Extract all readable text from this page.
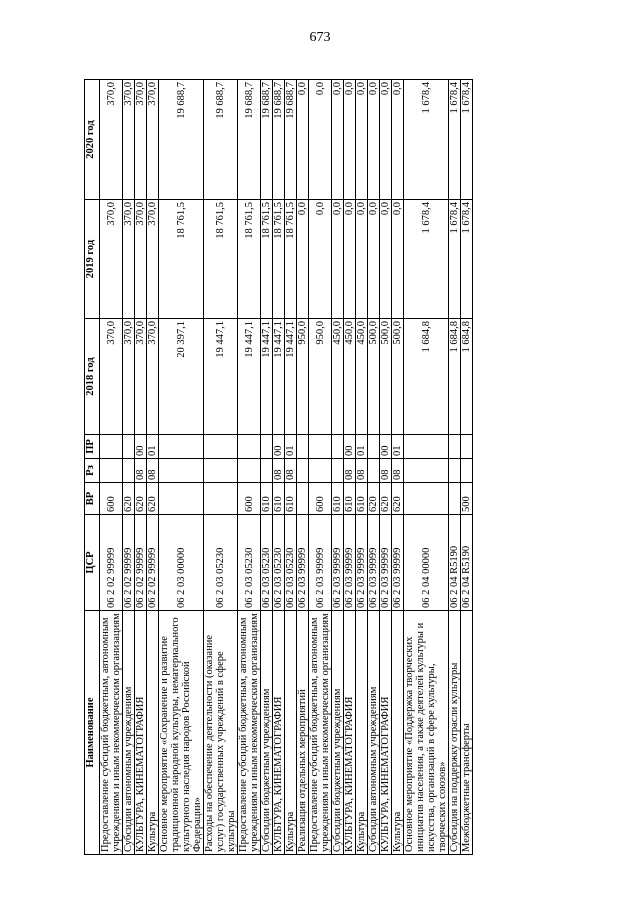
673
Наименование	ЦСР	ВР	Рз	ПР	2018 год	2019 год	2020 год
Предоставление субсидий бюджетным, автономным учреждениям и иным некоммерческим организациям	06 2 02 99999	600			370,0	370,0	370,0
Субсидии автономным учреждениям	06 2 02 99999	620			370,0	370,0	370,0
КУЛЬТУРА, КИНЕМАТОГРАФИЯ	06 2 02 99999	620	08	00	370,0	370,0	370,0
Культура	06 2 02 99999	620	08	01	370,0	370,0	370,0
Основное мероприятие «Сохранение и развитие традиционной народной культуры, нематериального культурного наследия народов Российской Федерации»	06 2 03 00000				20 397,1	18 761,5	19 688,7
Расходы на обеспечение деятельности (оказание услуг) государственных учреждений в сфере культуры	06 2 03 05230				19 447,1	18 761,5	19 688,7
Предоставление субсидий бюджетным, автономным учреждениям и иным некоммерческим организациям	06 2 03 05230	600			19 447,1	18 761,5	19 688,7
Субсидии бюджетным учреждениям	06 2 03 05230	610			19 447,1	18 761,5	19 688,7
КУЛЬТУРА, КИНЕМАТОГРАФИЯ	06 2 03 05230	610	08	00	19 447,1	18 761,5	19 688,7
Культура	06 2 03 05230	610	08	01	19 447,1	18 761,5	19 688,7
Реализация отдельных мероприятий	06 2 03 99999				950,0	0,0	0,0
Предоставление субсидий бюджетным, автономным учреждениям и иным некоммерческим организациям	06 2 03 99999	600			950,0	0,0	0,0
Субсидии бюджетным учреждениям	06 2 03 99999	610			450,0	0,0	0,0
КУЛЬТУРА, КИНЕМАТОГРАФИЯ	06 2 03 99999	610	08	00	450,0	0,0	0,0
Культура	06 2 03 99999	610	08	01	450,0	0,0	0,0
Субсидии автономным учреждениям	06 2 03 99999	620			500,0	0,0	0,0
КУЛЬТУРА, КИНЕМАТОГРАФИЯ	06 2 03 99999	620	08	00	500,0	0,0	0,0
Культура	06 2 03 99999	620	08	01	500,0	0,0	0,0
Основное мероприятие «Поддержка творческих инициатив населения, а также деятелей культуры и искусства, организаций в сфере культуры, творческих союзов»	06 2 04 00000				1 684,8	1 678,4	1 678,4
Субсидия на поддержку отрасли культуры	06 2 04 R5190				1 684,8	1 678,4	1 678,4
Межбюджетные трансферты	06 2 04 R5190	500			1 684,8	1 678,4	1 678,4
